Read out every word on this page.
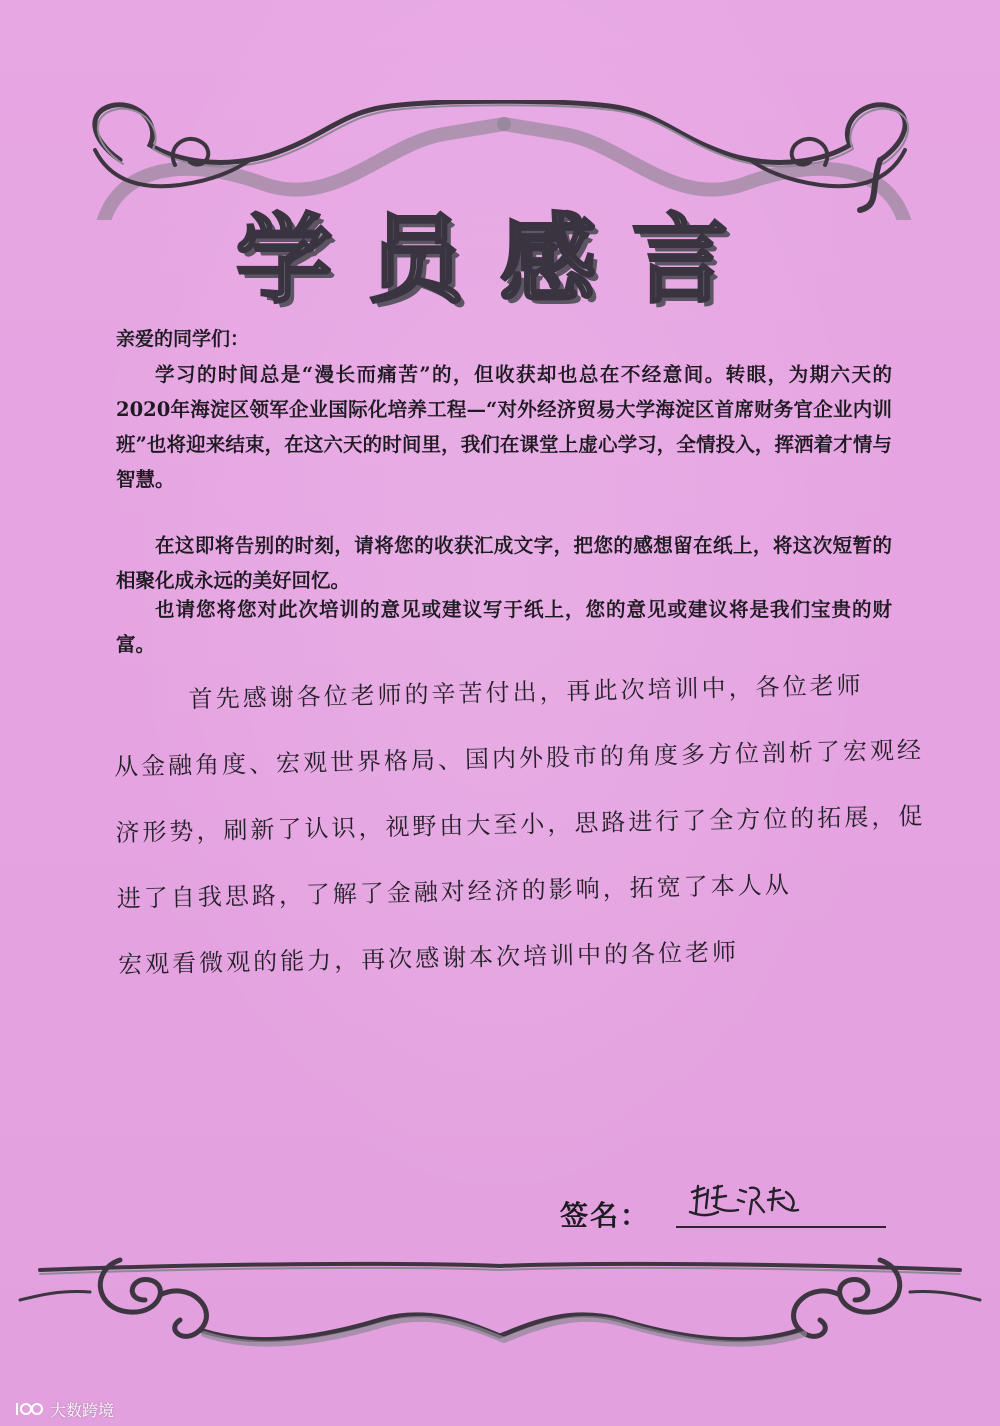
学员感言
亲爱的同学们：

学习的时间总是“漫长而痛苦”的，但收获却也总在不经意间。转眼，为期六天的2020年海淀区领军企业国际化培养工程—“对外经济贸易大学海淀区首席财务官企业内训班”也将迎来结束，在这六天的时间里，我们在课堂上虚心学习，全情投入，挥洒着才情与智慧。

在这即将告别的时刻，请将您的收获汇成文字，把您的感想留在纸上，将这次短暂的相聚化成永远的美好回忆。

也请您将您对此次培训的意见或建议写于纸上，您的意见或建议将是我们宝贵的财富。

首先感谢各位老师的辛苦付出，再此次培训中，各位老师
从金融角度、宏观世界格局、国内外股市的角度多方位剖析了宏观经
济形势，刷新了认识，视野由大至小，思路进行了全方位的拓展，促
进了自我思路，了解了金融对经济的影响，拓宽了本人从
宏观看微观的能力，再次感谢本次培训中的各位老师
签名：
大数跨境
